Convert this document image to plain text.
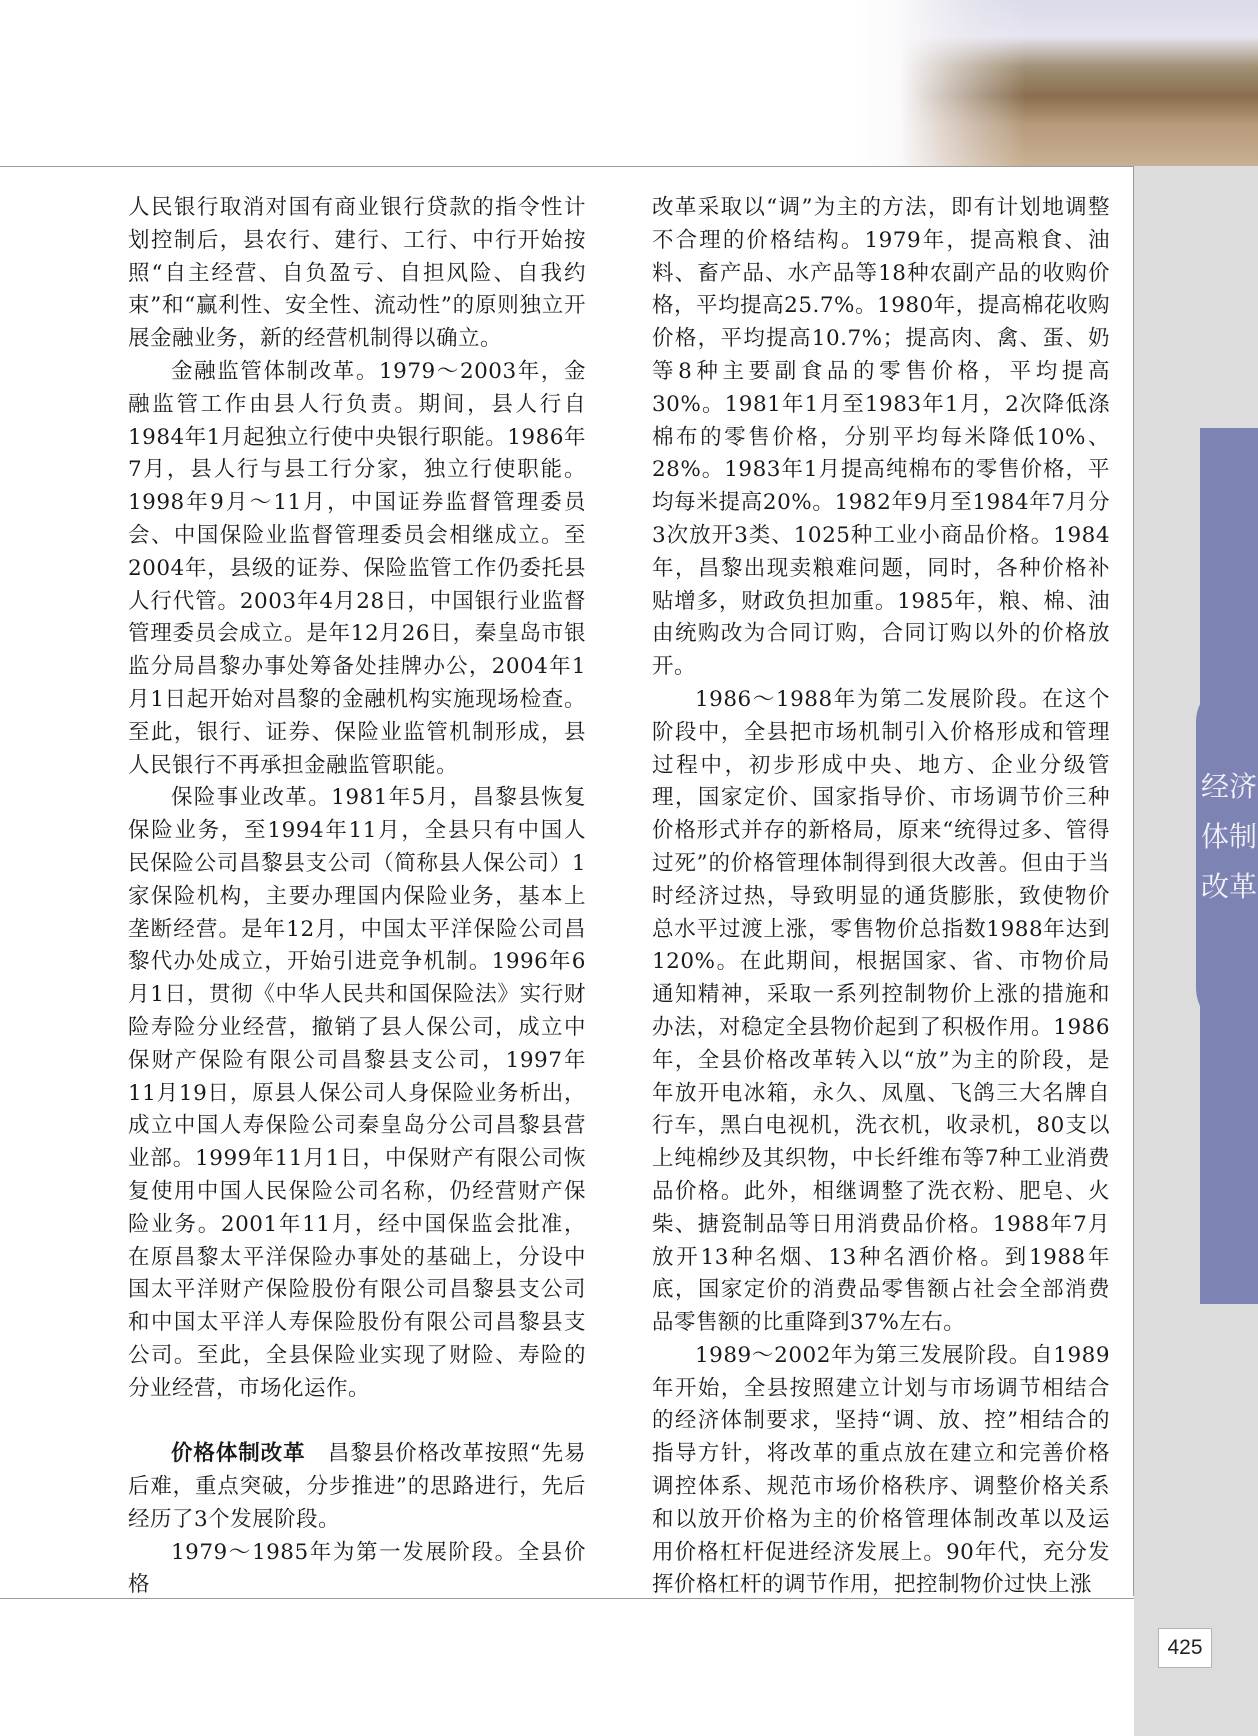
经济体制改革

人民银行取消对国有商业银行贷款的指令性计划控制后，县农行、建行、工行、中行开始按照“自主经营、自负盈亏、自担风险、自我约束”和“赢利性、安全性、流动性”的原则独立开展金融业务，新的经营机制得以确立。

金融监管体制改革。1979～2003年，金融监管工作由县人行负责。期间，县人行自1984年1月起独立行使中央银行职能。1986年7月，县人行与县工行分家，独立行使职能。1998年9月～11月，中国证券监督管理委员会、中国保险业监督管理委员会相继成立。至2004年，县级的证券、保险监管工作仍委托县人行代管。2003年4月28日，中国银行业监督管理委员会成立。是年12月26日，秦皇岛市银监分局昌黎办事处筹备处挂牌办公，2004年1月1日起开始对昌黎的金融机构实施现场检查。至此，银行、证券、保险业监管机制形成，县人民银行不再承担金融监管职能。

保险事业改革。1981年5月，昌黎县恢复保险业务，至1994年11月，全县只有中国人民保险公司昌黎县支公司（简称县人保公司）1家保险机构，主要办理国内保险业务，基本上垄断经营。是年12月，中国太平洋保险公司昌黎代办处成立，开始引进竞争机制。1996年6月1日，贯彻《中华人民共和国保险法》实行财险寿险分业经营，撤销了县人保公司，成立中保财产保险有限公司昌黎县支公司，1997年11月19日，原县人保公司人身保险业务析出，成立中国人寿保险公司秦皇岛分公司昌黎县营业部。1999年11月1日，中保财产有限公司恢复使用中国人民保险公司名称，仍经营财产保险业务。2001年11月，经中国保监会批准，在原昌黎太平洋保险办事处的基础上，分设中国太平洋财产保险股份有限公司昌黎县支公司和中国太平洋人寿保险股份有限公司昌黎县支公司。至此，全县保险业实现了财险、寿险的分业经营，市场化运作。

价格体制改革　昌黎县价格改革按照“先易后难，重点突破，分步推进”的思路进行，先后经历了3个发展阶段。

1979～1985年为第一发展阶段。全县价格

改革采取以“调”为主的方法，即有计划地调整不合理的价格结构。1979年，提高粮食、油料、畜产品、水产品等18种农副产品的收购价格，平均提高25.7%。1980年，提高棉花收购价格，平均提高10.7%；提高肉、禽、蛋、奶等8种主要副食品的零售价格，平均提高30%。1981年1月至1983年1月，2次降低涤棉布的零售价格，分别平均每米降低10%、28%。1983年1月提高纯棉布的零售价格，平均每米提高20%。1982年9月至1984年7月分3次放开3类、1025种工业小商品价格。1984年，昌黎出现卖粮难问题，同时，各种价格补贴增多，财政负担加重。1985年，粮、棉、油由统购改为合同订购，合同订购以外的价格放开。

1986～1988年为第二发展阶段。在这个阶段中，全县把市场机制引入价格形成和管理过程中，初步形成中央、地方、企业分级管理，国家定价、国家指导价、市场调节价三种价格形式并存的新格局，原来“统得过多、管得过死”的价格管理体制得到很大改善。但由于当时经济过热，导致明显的通货膨胀，致使物价总水平过渡上涨，零售物价总指数1988年达到120%。在此期间，根据国家、省、市物价局通知精神，采取一系列控制物价上涨的措施和办法，对稳定全县物价起到了积极作用。1986年，全县价格改革转入以“放”为主的阶段，是年放开电冰箱，永久、凤凰、飞鸽三大名牌自行车，黑白电视机，洗衣机，收录机，80支以上纯棉纱及其织物，中长纤维布等7种工业消费品价格。此外，相继调整了洗衣粉、肥皂、火柴、搪瓷制品等日用消费品价格。1988年7月放开13种名烟、13种名酒价格。到1988年底，国家定价的消费品零售额占社会全部消费品零售额的比重降到37%左右。

1989～2002年为第三发展阶段。自1989年开始，全县按照建立计划与市场调节相结合的经济体制要求，坚持“调、放、控”相结合的指导方针，将改革的重点放在建立和完善价格调控体系、规范市场价格秩序、调整价格关系和以放开价格为主的价格管理体制改革以及运用价格杠杆促进经济发展上。90年代，充分发挥价格杠杆的调节作用，把控制物价过快上涨

425
